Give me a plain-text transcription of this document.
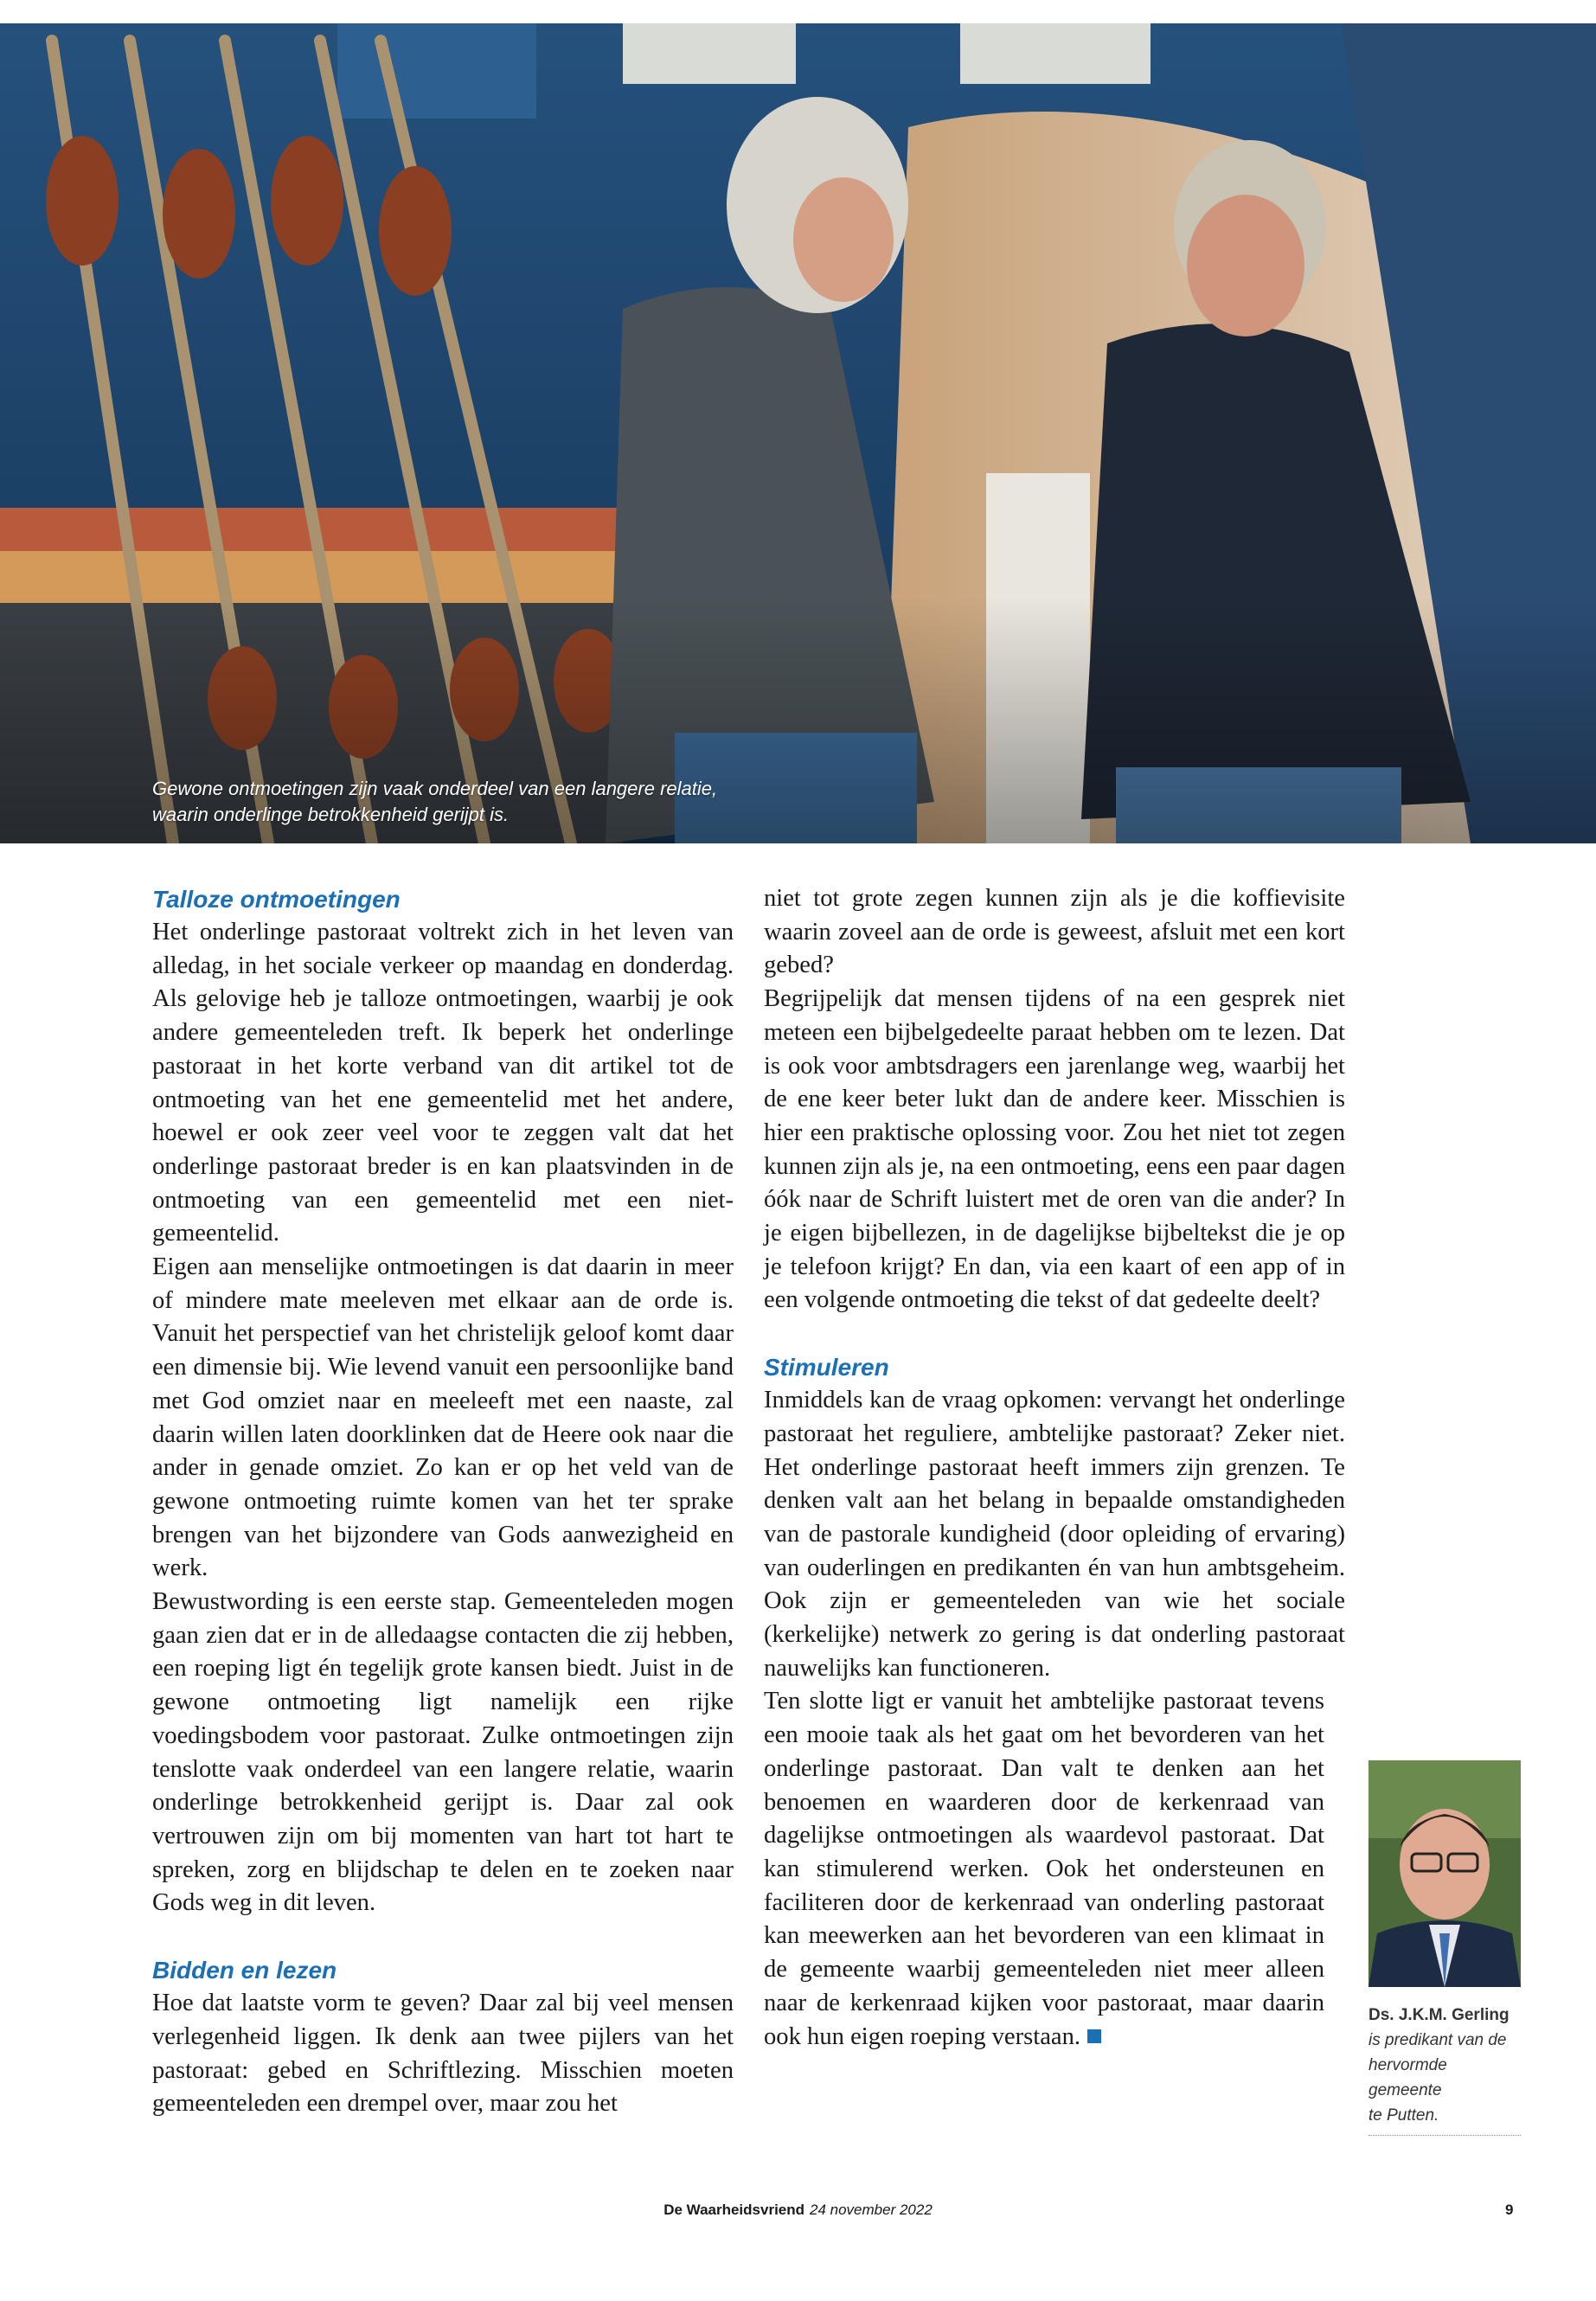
Gewone ontmoetingen zijn vaak onderdeel van een langere relatie,
waarin onderlinge betrokkenheid gerijpt is.
Talloze ontmoetingen

Het onderlinge pastoraat voltrekt zich in het leven van alledag, in het sociale verkeer op maandag en donderdag. Als gelovige heb je talloze ontmoetingen, waarbij je ook andere gemeenteleden treft. Ik beperk het onderlinge pastoraat in het korte verband van dit artikel tot de ontmoeting van het ene gemeentelid met het andere, hoewel er ook zeer veel voor te zeggen valt dat het onderlinge pastoraat breder is en kan plaatsvinden in de ontmoeting van een gemeentelid met een niet-gemeentelid.

Eigen aan menselijke ontmoetingen is dat daarin in meer of mindere mate meeleven met elkaar aan de orde is. Vanuit het perspectief van het christelijk geloof komt daar een dimensie bij. Wie levend vanuit een persoonlijke band met God omziet naar en meeleeft met een naaste, zal daarin willen laten doorklinken dat de Heere ook naar die ander in genade omziet. Zo kan er op het veld van de gewone ontmoeting ruimte komen van het ter sprake brengen van het bijzondere van Gods aanwezigheid en werk.

Bewustwording is een eerste stap. Gemeenteleden mogen gaan zien dat er in de alledaagse contacten die zij hebben, een roeping ligt én tegelijk grote kansen biedt. Juist in de gewone ontmoeting ligt namelijk een rijke voedingsbodem voor pastoraat. Zulke ontmoetingen zijn tenslotte vaak onderdeel van een langere relatie, waarin onderlinge betrokkenheid gerijpt is. Daar zal ook vertrouwen zijn om bij momenten van hart tot hart te spreken, zorg en blijdschap te delen en te zoeken naar Gods weg in dit leven.

Bidden en lezen

Hoe dat laatste vorm te geven? Daar zal bij veel mensen verlegenheid liggen. Ik denk aan twee pijlers van het pastoraat: gebed en Schriftlezing. Misschien moeten gemeenteleden een drempel over, maar zou het

niet tot grote zegen kunnen zijn als je die koffievisite waarin zoveel aan de orde is geweest, afsluit met een kort gebed?

Begrijpelijk dat mensen tijdens of na een gesprek niet meteen een bijbelgedeelte paraat hebben om te lezen. Dat is ook voor ambtsdragers een jarenlange weg, waarbij het de ene keer beter lukt dan de andere keer. Misschien is hier een praktische oplossing voor. Zou het niet tot zegen kunnen zijn als je, na een ontmoeting, eens een paar dagen óók naar de Schrift luistert met de oren van die ander? In je eigen bijbellezen, in de dagelijkse bijbeltekst die je op je telefoon krijgt? En dan, via een kaart of een app of in een volgende ontmoeting die tekst of dat gedeelte deelt?

Stimuleren

Inmiddels kan de vraag opkomen: vervangt het onderlinge pastoraat het reguliere, ambtelijke pastoraat? Zeker niet. Het onderlinge pastoraat heeft immers zijn grenzen. Te denken valt aan het belang in bepaalde omstandigheden van de pastorale kundigheid (door opleiding of ervaring) van ouderlingen en predikanten én van hun ambtsgeheim. Ook zijn er gemeenteleden van wie het sociale (kerkelijke) netwerk zo gering is dat onderling pastoraat nauwelijks kan functioneren.

Ten slotte ligt er vanuit het ambtelijke pastoraat tevens een mooie taak als het gaat om het bevorderen van het onderlinge pastoraat. Dan valt te denken aan het benoemen en waarderen door de kerkenraad van dagelijkse ontmoetingen als waardevol pastoraat. Dat kan stimulerend werken. Ook het ondersteunen en faciliteren door de kerkenraad van onderling pastoraat kan meewerken aan het bevorderen van een klimaat in de gemeente waarbij gemeenteleden niet meer alleen naar de kerkenraad kijken voor pastoraat, maar daarin ook hun eigen roeping verstaan.

Ds. J.K.M. Gerling
is predikant van de
hervormde gemeente
te Putten.
De Waarheidsvriend 24 november 2022	9
